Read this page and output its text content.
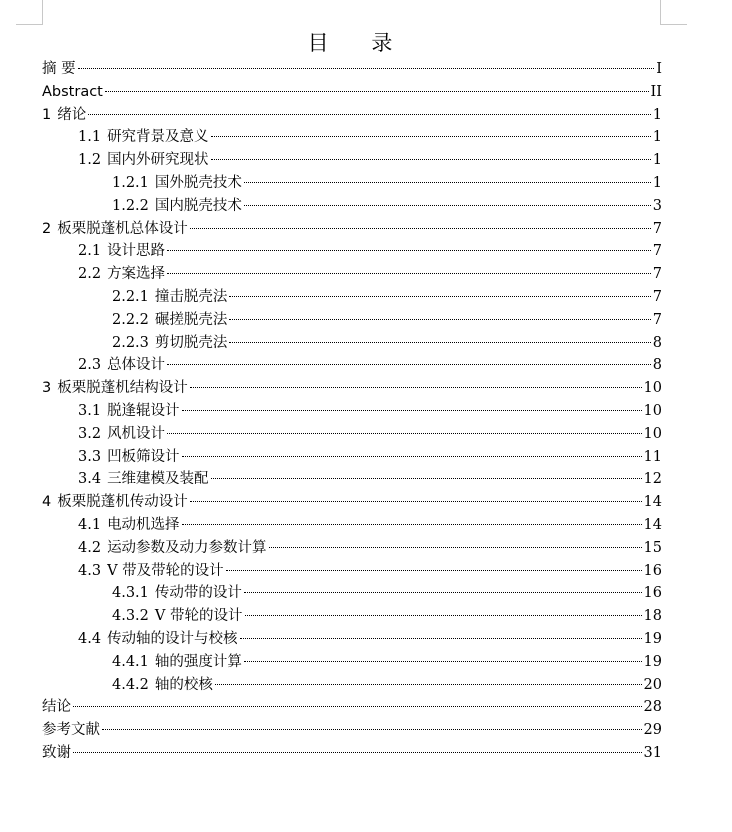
目 录
摘 要	I
Abstract	II
1 绪论	1
1.1 研究背景及意义	1
1.2 国内外研究现状	1
1.2.1 国外脱壳技术	1
1.2.2 国内脱壳技术	3
2 板栗脱蓬机总体设计	7
2.1 设计思路	7
2.2 方案选择	7
2.2.1 撞击脱壳法	7
2.2.2 碾搓脱壳法	7
2.2.3 剪切脱壳法	8
2.3 总体设计	8
3 板栗脱蓬机结构设计	10
3.1 脱逢辊设计	10
3.2 风机设计	10
3.3 凹板筛设计	11
3.4 三维建模及装配	12
4 板栗脱蓬机传动设计	14
4.1 电动机选择	14
4.2 运动参数及动力参数计算	15
4.3 V 带及带轮的设计	16
4.3.1 传动带的设计	16
4.3.2 V 带轮的设计	18
4.4 传动轴的设计与校核	19
4.4.1 轴的强度计算	19
4.4.2 轴的校核	20
结论	28
参考文献	29
致谢	31
